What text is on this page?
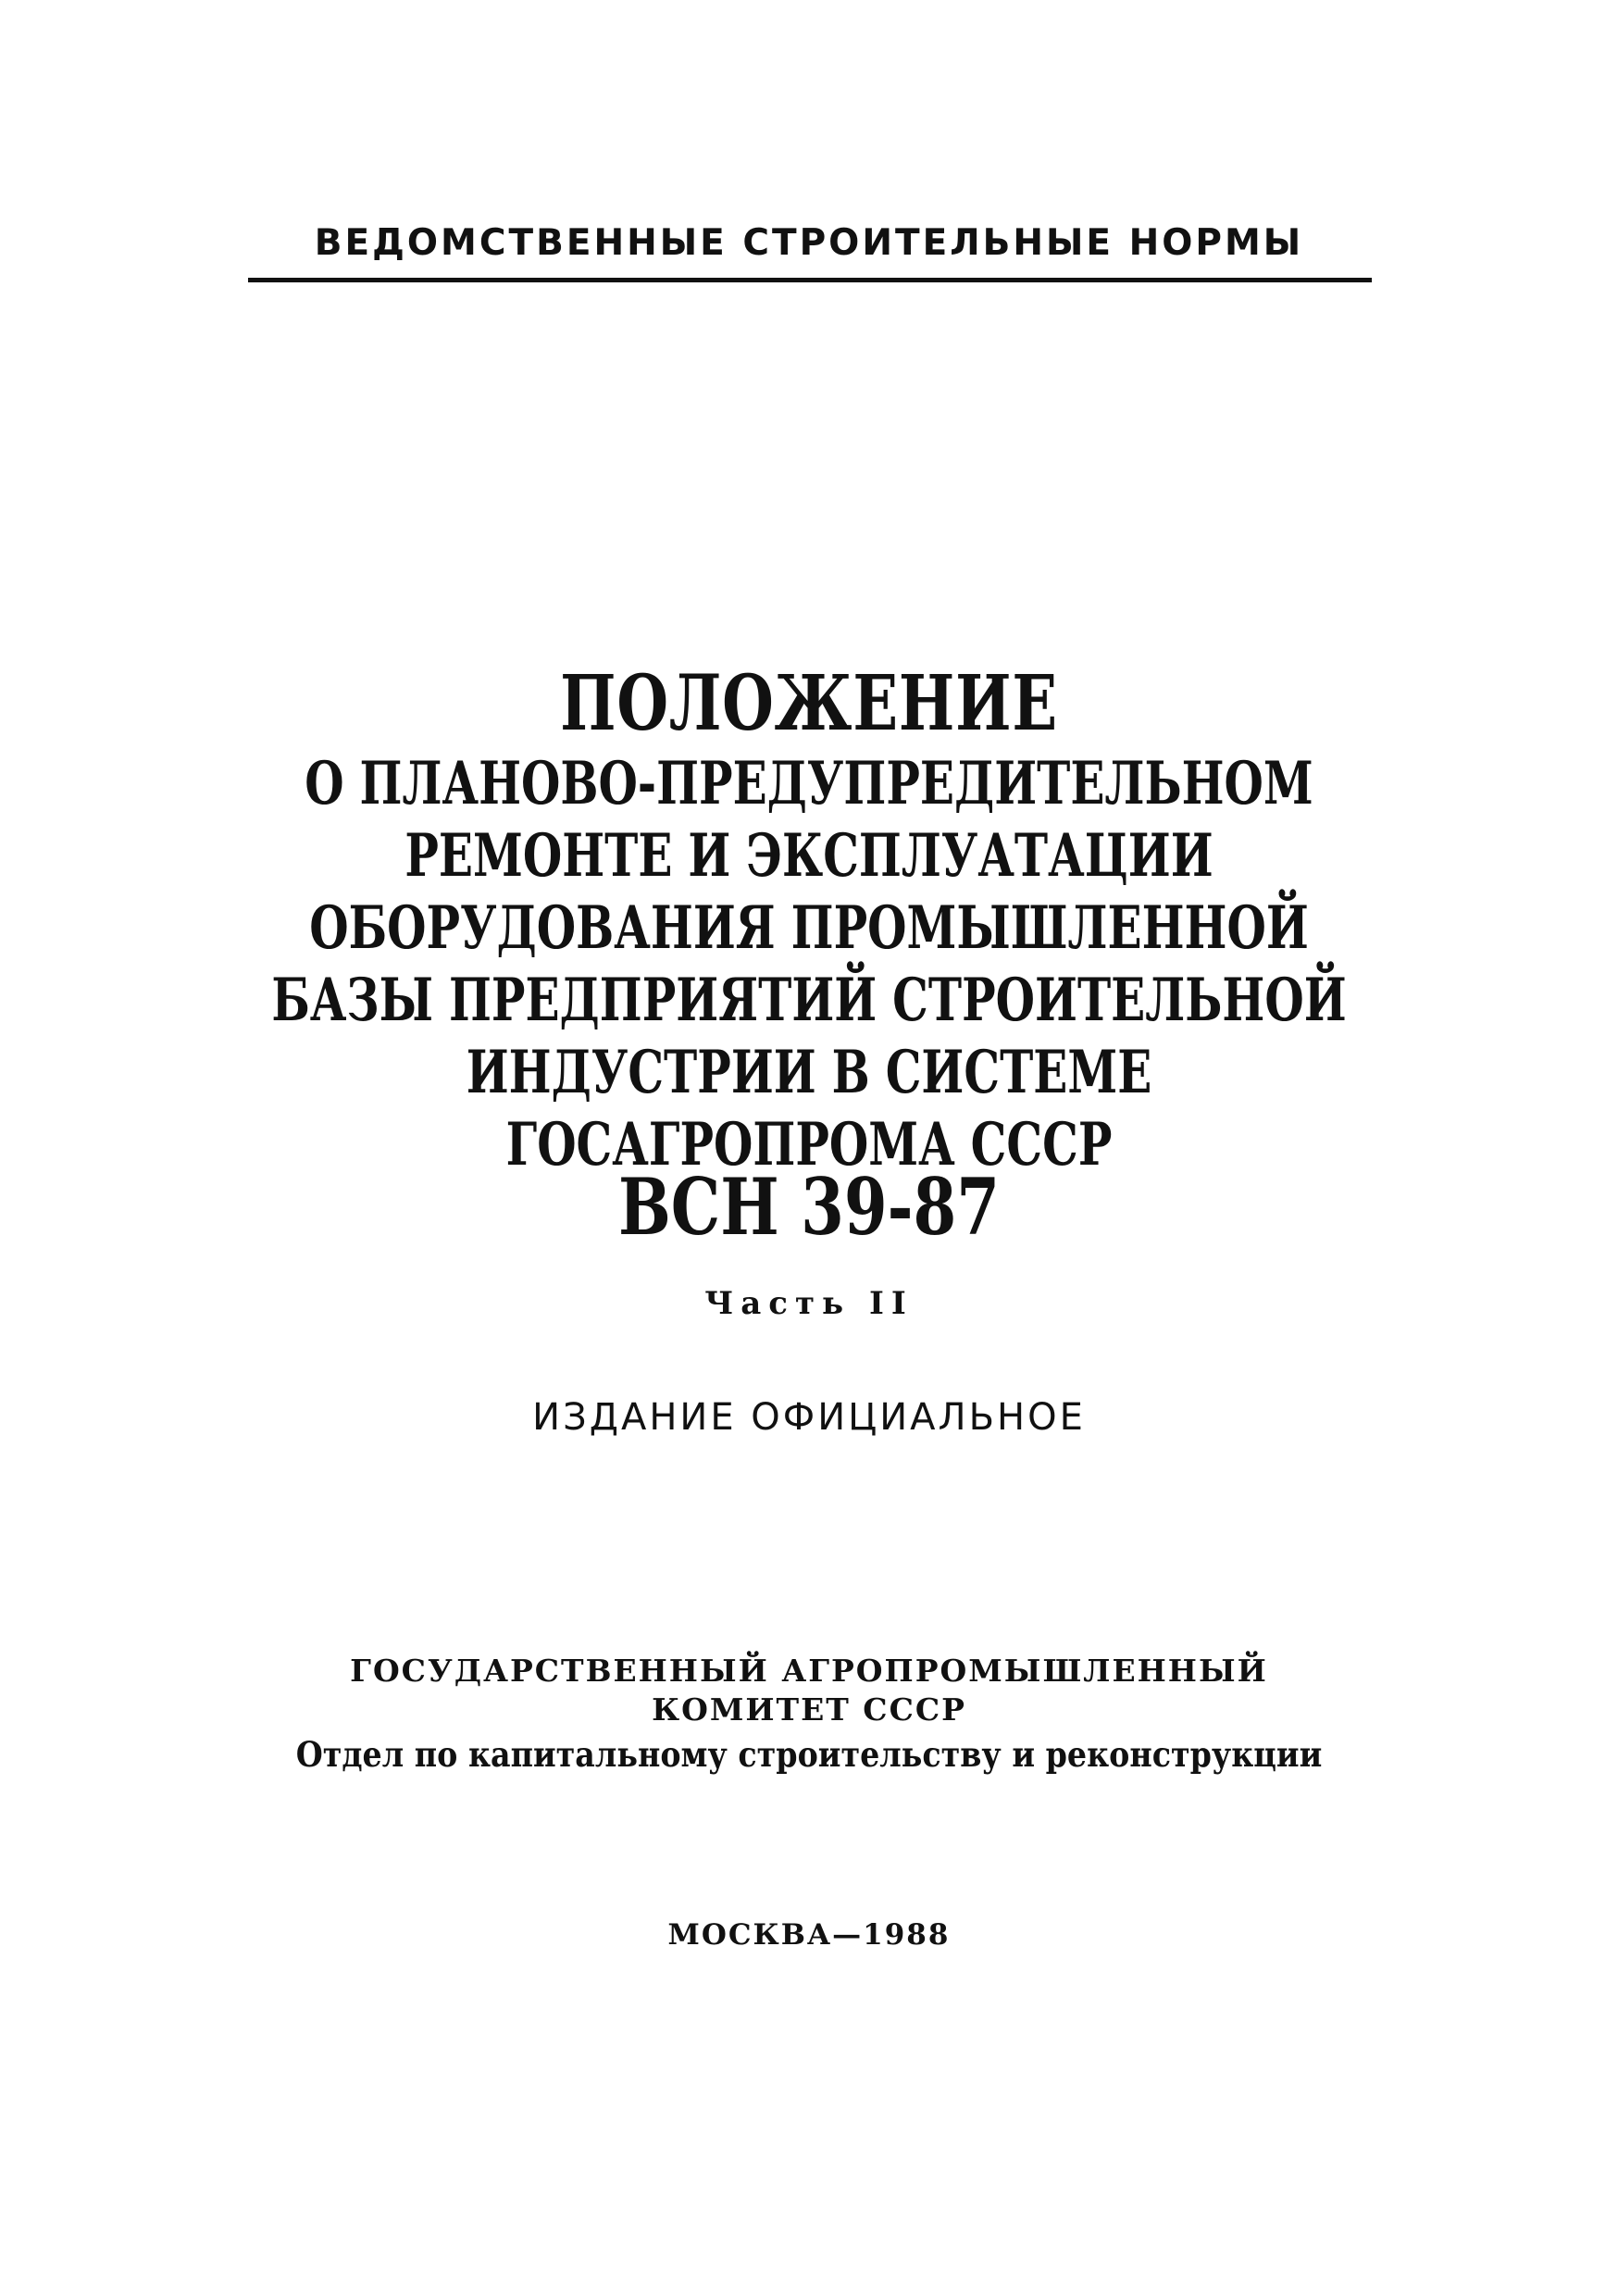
ВЕДОМСТВЕННЫЕ СТРОИТЕЛЬНЫЕ НОРМЫ
ПОЛОЖЕНИЕ
О ПЛАНОВО-ПРЕДУПРЕДИТЕЛЬНОМ
РЕМОНТЕ И ЭКСПЛУАТАЦИИ
ОБОРУДОВАНИЯ ПРОМЫШЛЕННОЙ
БАЗЫ ПРЕДПРИЯТИЙ СТРОИТЕЛЬНОЙ
ИНДУСТРИИ В СИСТЕМЕ
ГОСАГРОПРОМА СССР
ВСН 39-87
Часть II
ИЗДАНИЕ ОФИЦИАЛЬНОЕ
ГОСУДАРСТВЕННЫЙ АГРОПРОМЫШЛЕННЫЙ
КОМИТЕТ СССР
Отдел по капитальному строительству и реконструкции
МОСКВА—1988
